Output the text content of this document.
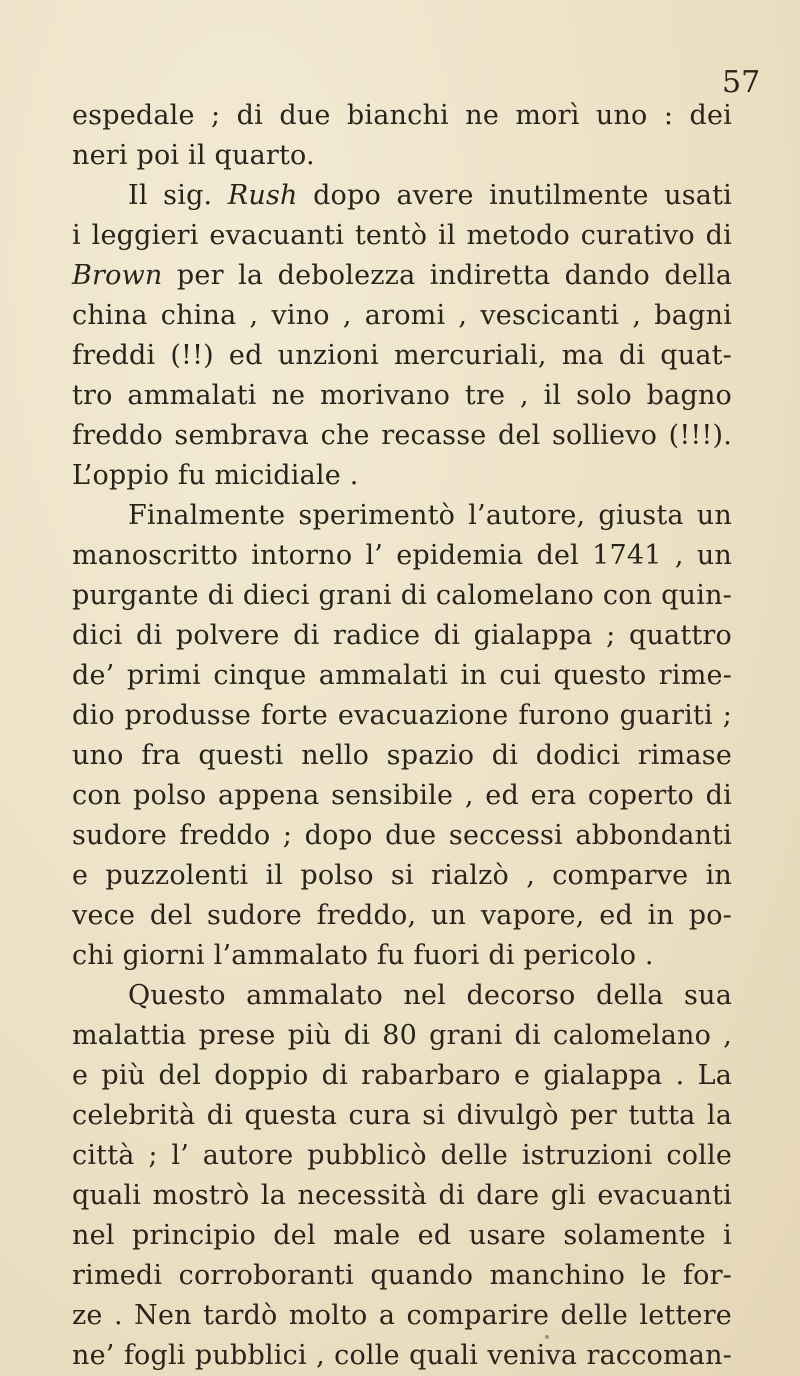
57
espedale ; di due bianchi ne morì uno : dei
neri poi il quarto.
Il sig. Rush dopo avere inutilmente usati
i leggieri evacuanti tentò il metodo curativo di
Brown per la debolezza indiretta dando della
china china , vino , aromi , vescicanti , bagni
freddi (!!) ed unzioni mercuriali, ma di quat-
tro ammalati ne morivano tre , il solo bagno
freddo sembrava che recasse del sollievo (!!!).
L’oppio fu micidiale .
Finalmente sperimentò l’autore, giusta un
manoscritto intorno l’ epidemia del 1741 , un
purgante di dieci grani di calomelano con quin-
dici di polvere di radice di gialappa ; quattro
de’ primi cinque ammalati in cui questo rime-
dio produsse forte evacuazione furono guariti ;
uno fra questi nello spazio di dodici rimase
con polso appena sensibile , ed era coperto di
sudore freddo ; dopo due seccessi abbondanti
e puzzolenti il polso si rialzò , comparve in
vece del sudore freddo, un vapore, ed in po-
chi giorni l’ammalato fu fuori di pericolo .
Questo ammalato nel decorso della sua
malattia prese più di 80 grani di calomelano ,
e più del doppio di rabarbaro e gialappa . La
celebrità di questa cura si divulgò per tutta la
città ; l’ autore pubblicò delle istruzioni colle
quali mostrò la necessità di dare gli evacuanti
nel principio del male ed usare solamente i
rimedi corroboranti quando manchino le for-
ze . Nen tardò molto a comparire delle lettere
ne’ fogli pubblici , colle quali veniva raccoman-
